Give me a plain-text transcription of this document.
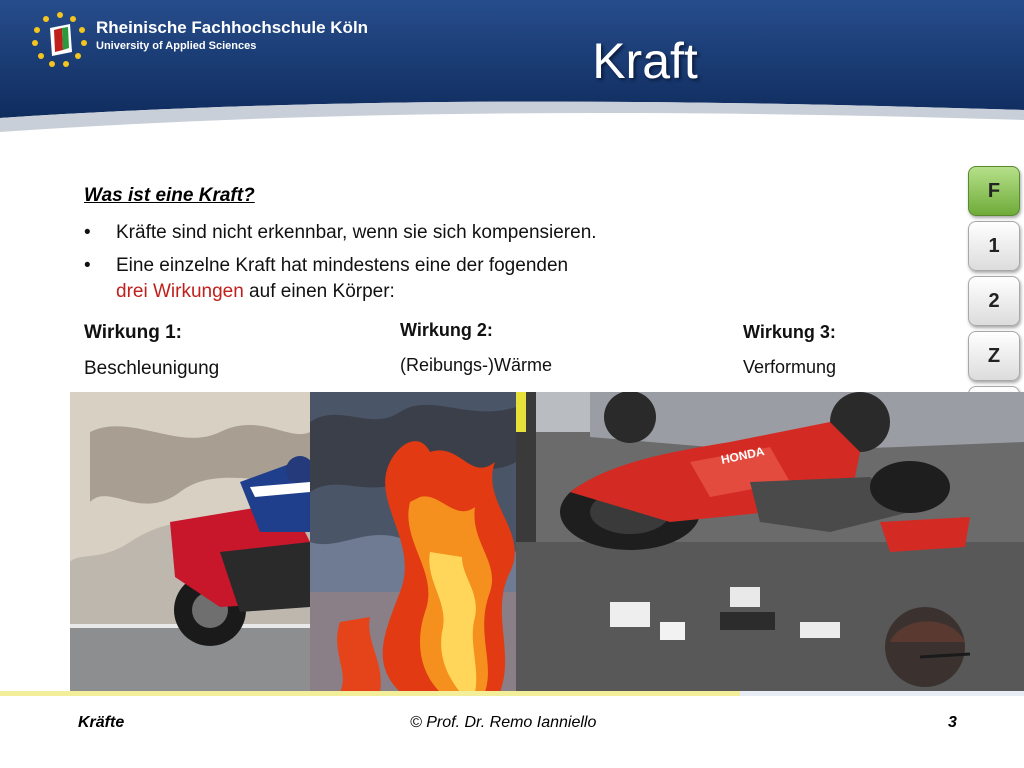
Rheinische Fachhochschule Köln
University of Applied Sciences	Kraft
Was ist eine Kraft?
• Kräfte sind nicht erkennbar, wenn sie sich kompensieren.
• Eine einzelne Kraft hat mindestens eine der fogenden
drei Wirkungen auf einen Körper:
Wirkung 1:
Beschleunigung
Wirkung 2:
(Reibungs-)Wärme
Wirkung 3:
Verformung
F
1
2
Z
HONDA
Kräfte	© Prof. Dr. Remo Ianniello	3
